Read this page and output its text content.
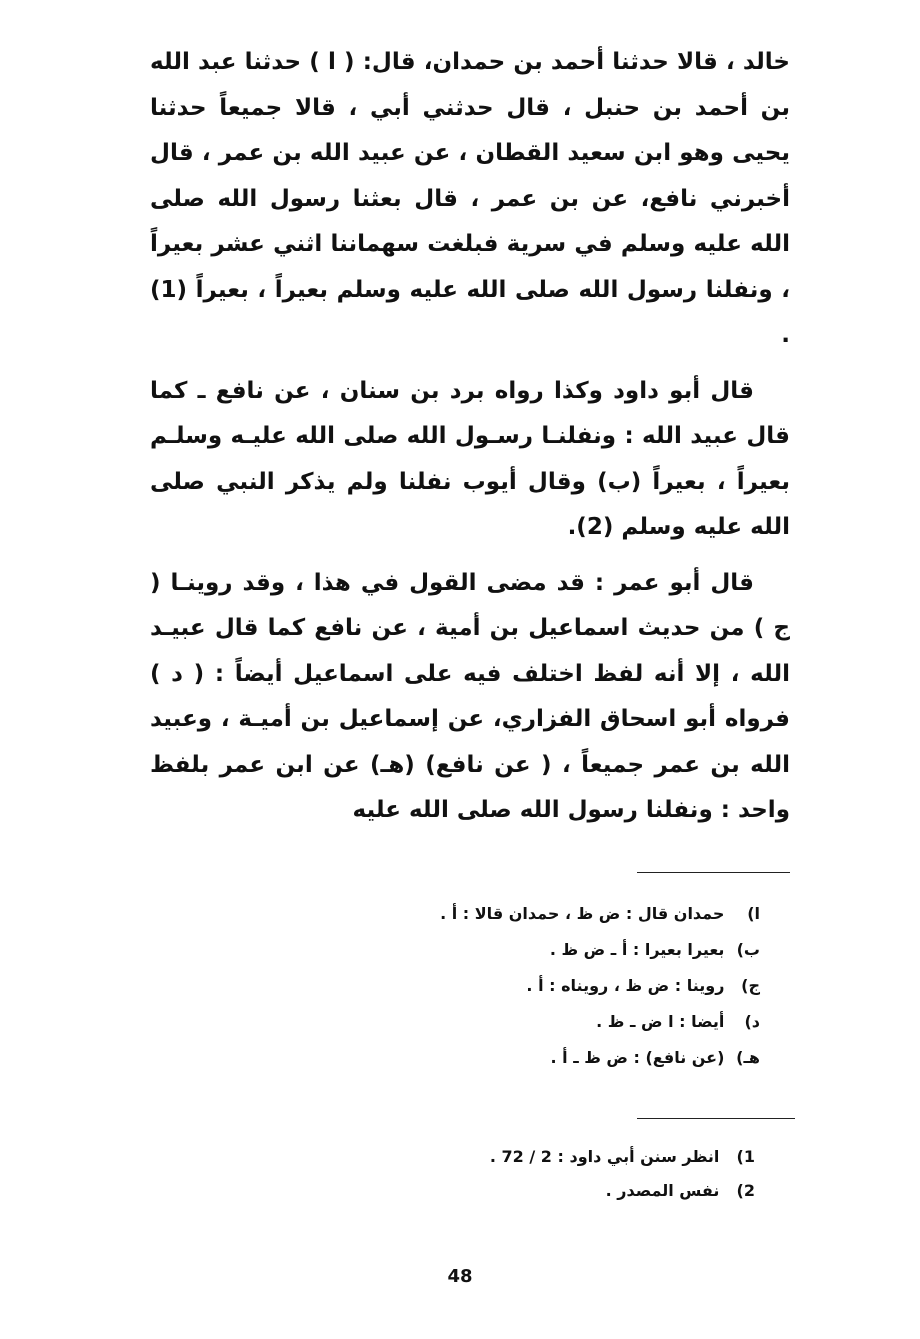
خالد ، قالا حدثنا أحمد بن حمدان، قال: ( ا ) حدثنا عبد الله بن أحمد بن حنبل ، قال حدثني أبي ، قالا جميعاً حدثنا يحيى وهو ابن سعيد القطان ، عن عبيد الله بن عمر ، قال أخبرني نافع، عن بن عمر ، قال بعثنا رسول الله صلى الله عليه وسلم في سرية فبلغت سهماننا اثني عشر بعيراً ، ونفلنا رسول الله صلى الله عليه وسلم بعيراً ، بعيراً (1) .

قال أبو داود وكذا رواه برد بن سنان ، عن نافع ـ كما قال عبيد الله : ونفلنـا رسـول الله صلى الله عليـه وسلـم بعيراً ، بعيراً (ب) وقال أيوب نفلنا ولم يذكر النبي صلى الله عليه وسلم (2).

قال أبو عمر : قد مضى القول في هذا ، وقد روينـا ( ج ) من حديث اسماعيل بن أمية ، عن نافع كما قال عبيـد الله ، إلا أنه لفظ اختلف فيه على اسماعيل أيضاً : ( د ) فرواه أبو اسحاق الفزاري، عن إسماعيل بن أميـة ، وعبيد الله بن عمر جميعاً ، ( عن نافع) (هـ) عن ابن عمر بلفظ واحد : ونفلنا رسول الله صلى الله عليه

ا) حمدان قال : ض ظ ، حمدان قالا : أ .
ب) بعيرا بعيرا : أ ـ ض ظ .
ج) روينا : ض ظ ، رويناه : أ .
د) أيضا : ا ض ـ ظ .
هـ) (عن نافع) : ض ظ ـ أ .
1) انظر سنن أبي داود : 2 / 72 .
2) نفس المصدر .
48
